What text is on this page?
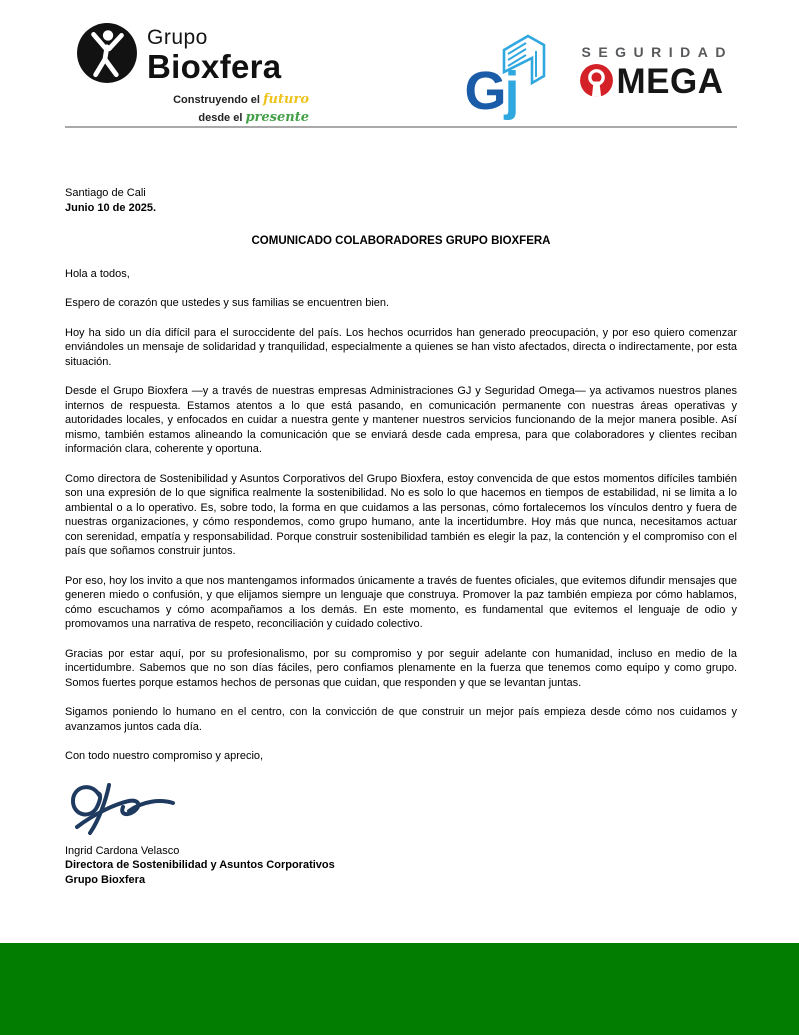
Grupo
Bioxfera
Construyendo el futuro
desde el presente	Gj
SEGURIDAD
MEGA

Santiago de Cali

Junio 10 de 2025.

COMUNICADO COLABORADORES GRUPO BIOXFERA

Hola a todos,

Espero de corazón que ustedes y sus familias se encuentren bien.

Hoy ha sido un día difícil para el suroccidente del país. Los hechos ocurridos han generado preocupación, y por eso quiero comenzar enviándoles un mensaje de solidaridad y tranquilidad, especialmente a quienes se han visto afectados, directa o indirectamente, por esta situación.

Desde el Grupo Bioxfera —y a través de nuestras empresas Administraciones GJ y Seguridad Omega— ya activamos nuestros planes internos de respuesta. Estamos atentos a lo que está pasando, en comunicación permanente con nuestras áreas operativas y autoridades locales, y enfocados en cuidar a nuestra gente y mantener nuestros servicios funcionando de la mejor manera posible. Así mismo, también estamos alineando la comunicación que se enviará desde cada empresa, para que colaboradores y clientes reciban información clara, coherente y oportuna.

Como directora de Sostenibilidad y Asuntos Corporativos del Grupo Bioxfera, estoy convencida de que estos momentos difíciles también son una expresión de lo que significa realmente la sostenibilidad. No es solo lo que hacemos en tiempos de estabilidad, ni se limita a lo ambiental o a lo operativo. Es, sobre todo, la forma en que cuidamos a las personas, cómo fortalecemos los vínculos dentro y fuera de nuestras organizaciones, y cómo respondemos, como grupo humano, ante la incertidumbre. Hoy más que nunca, necesitamos actuar con serenidad, empatía y responsabilidad. Porque construir sostenibilidad también es elegir la paz, la contención y el compromiso con el país que soñamos construir juntos.

Por eso, hoy los invito a que nos mantengamos informados únicamente a través de fuentes oficiales, que evitemos difundir mensajes que generen miedo o confusión, y que elijamos siempre un lenguaje que construya. Promover la paz también empieza por cómo hablamos, cómo escuchamos y cómo acompañamos a los demás. En este momento, es fundamental que evitemos el lenguaje de odio y promovamos una narrativa de respeto, reconciliación y cuidado colectivo.

Gracias por estar aquí, por su profesionalismo, por su compromiso y por seguir adelante con humanidad, incluso en medio de la incertidumbre. Sabemos que no son días fáciles, pero confiamos plenamente en la fuerza que tenemos como equipo y como grupo. Somos fuertes porque estamos hechos de personas que cuidan, que responden y que se levantan juntas.

Sigamos poniendo lo humano en el centro, con la convicción de que construir un mejor país empieza desde cómo nos cuidamos y avanzamos juntos cada día.

Con todo nuestro compromiso y aprecio,

Ingrid Cardona Velasco

Directora de Sostenibilidad y Asuntos Corporativos

Grupo Bioxfera
